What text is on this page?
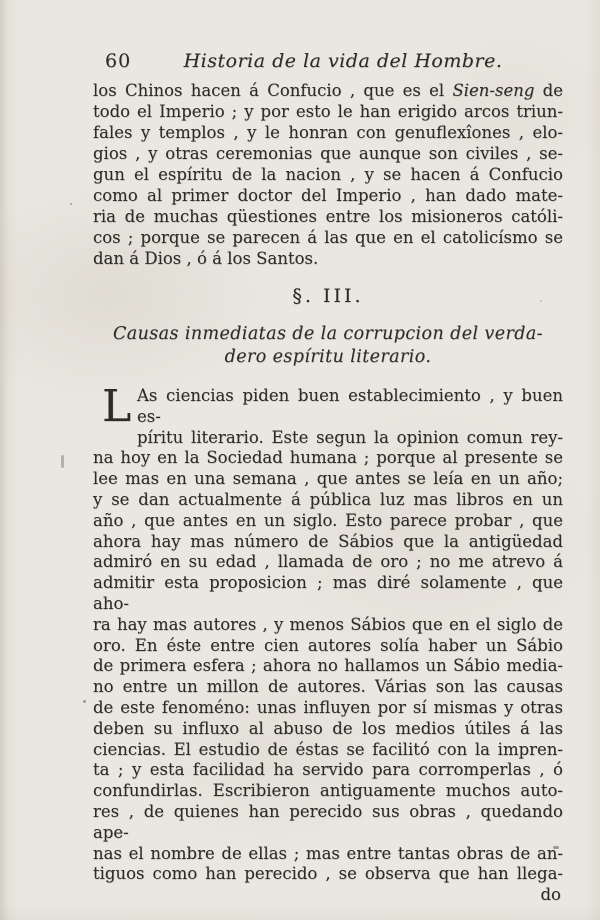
60	Historia de la vida del Hombre.
los Chinos hacen á Confucio , que es el Sien-seng de
todo el Imperio ; y por esto le han erigido arcos triun-
fales y templos , y le honran con genuflexîones , elo-
gios , y otras ceremonias que aunque son civiles , se-
gun el espíritu de la nacion , y se hacen á Confucio
como al primer doctor del Imperio , han dado mate-
ria de muchas qüestiones entre los misioneros católi-
cos ; porque se parecen á las que en el catolicísmo se
dan á Dios , ó á los Santos.
§. III.
Causas inmediatas de la corrupcion del verda-
dero espíritu literario.
L As ciencias piden buen establecimiento , y buen es-
píritu literario. Este segun la opinion comun rey-
na hoy en la Sociedad humana ; porque al presente se
lee mas en una semana , que antes se leía en un año;
y se dan actualmente á pública luz mas libros en un
año , que antes en un siglo. Esto parece probar , que
ahora hay mas número de Sábios que la antigüedad
admiró en su edad , llamada de oro ; no me atrevo á
admitir esta proposicion ; mas diré solamente , que aho-
ra hay mas autores , y menos Sábios que en el siglo de
oro. En éste entre cien autores solía haber un Sábio
de primera esfera ; ahora no hallamos un Sábio media-
no entre un millon de autores. Várias son las causas
de este fenoméno: unas influyen por sí mismas y otras
deben su influxo al abuso de los medios útiles á las
ciencias. El estudio de éstas se facilitó con la impren-
ta ; y esta facilidad ha servido para corromperlas , ó
confundirlas. Escribieron antiguamente muchos auto-
res , de quienes han perecido sus obras , quedando ape-
nas el nombre de ellas ; mas entre tantas obras de an-
tiguos como han perecido , se observa que han llega-
do
